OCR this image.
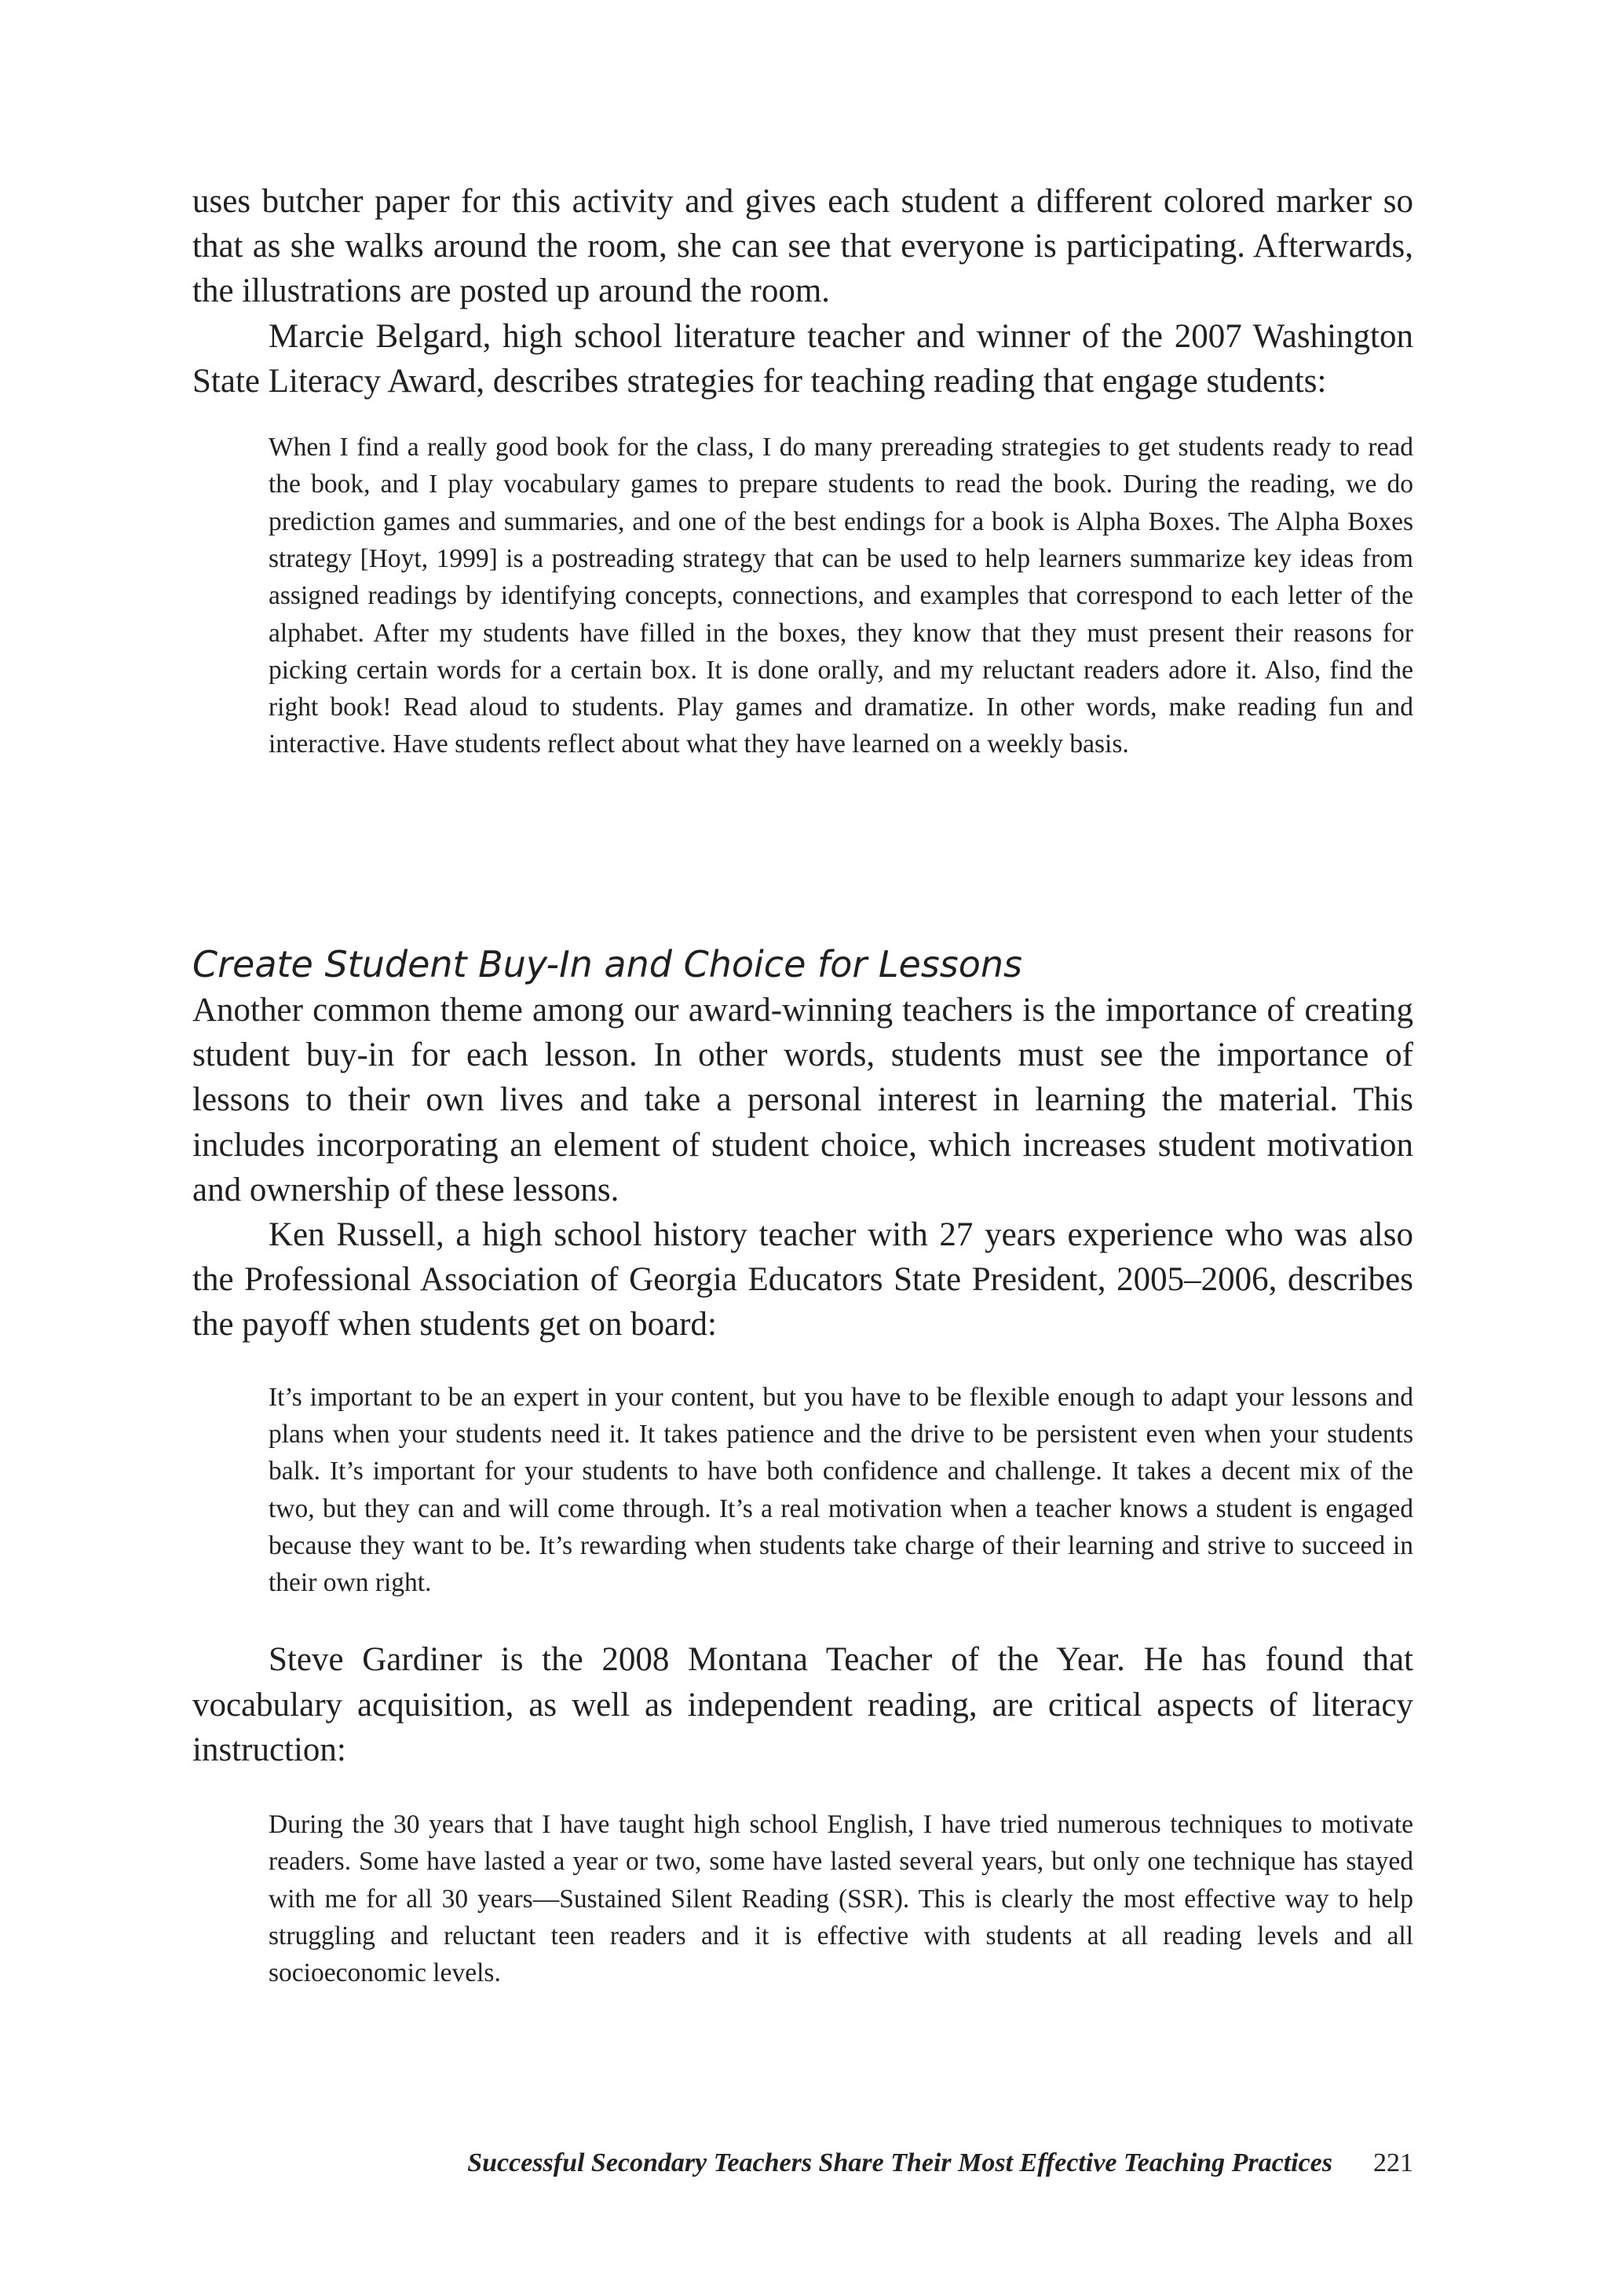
uses butcher paper for this activity and gives each student a different colored marker so that as she walks around the room, she can see that everyone is participating. Afterwards, the illustrations are posted up around the room.

Marcie Belgard, high school literature teacher and winner of the 2007 Washington State Literacy Award, describes strategies for teaching reading that engage students:

When I find a really good book for the class, I do many prereading strategies to get students ready to read the book, and I play vocabulary games to prepare students to read the book. During the reading, we do prediction games and summaries, and one of the best endings for a book is Alpha Boxes. The Alpha Boxes strategy [Hoyt, 1999] is a postreading strategy that can be used to help learners summarize key ideas from assigned readings by identifying concepts, connections, and examples that correspond to each letter of the alphabet. After my students have filled in the boxes, they know that they must present their reasons for picking certain words for a certain box. It is done orally, and my reluctant readers adore it. Also, find the right book! Read aloud to students. Play games and dramatize. In other words, make reading fun and interactive. Have students reflect about what they have learned on a weekly basis.

Create Student Buy-In and Choice for Lessons

Another common theme among our award-winning teachers is the importance of creating student buy-in for each lesson. In other words, students must see the importance of lessons to their own lives and take a personal interest in learning the material. This includes incorporating an element of student choice, which increases student motivation and ownership of these lessons.

Ken Russell, a high school history teacher with 27 years experience who was also the Professional Association of Georgia Educators State President, 2005–2006, describes the payoff when students get on board:

It’s important to be an expert in your content, but you have to be flexible enough to adapt your lessons and plans when your students need it. It takes patience and the drive to be persistent even when your students balk. It’s important for your students to have both confidence and challenge. It takes a decent mix of the two, but they can and will come through. It’s a real motivation when a teacher knows a student is engaged because they want to be. It’s rewarding when students take charge of their learning and strive to succeed in their own right.

Steve Gardiner is the 2008 Montana Teacher of the Year. He has found that vocabulary acquisition, as well as independent reading, are critical aspects of literacy instruction:

During the 30 years that I have taught high school English, I have tried numerous techniques to motivate readers. Some have lasted a year or two, some have lasted several years, but only one technique has stayed with me for all 30 years—Sustained Silent Reading (SSR). This is clearly the most effective way to help struggling and reluctant teen readers and it is effective with students at all reading levels and all socioeconomic levels.

Successful Secondary Teachers Share Their Most Effective Teaching Practices 221
